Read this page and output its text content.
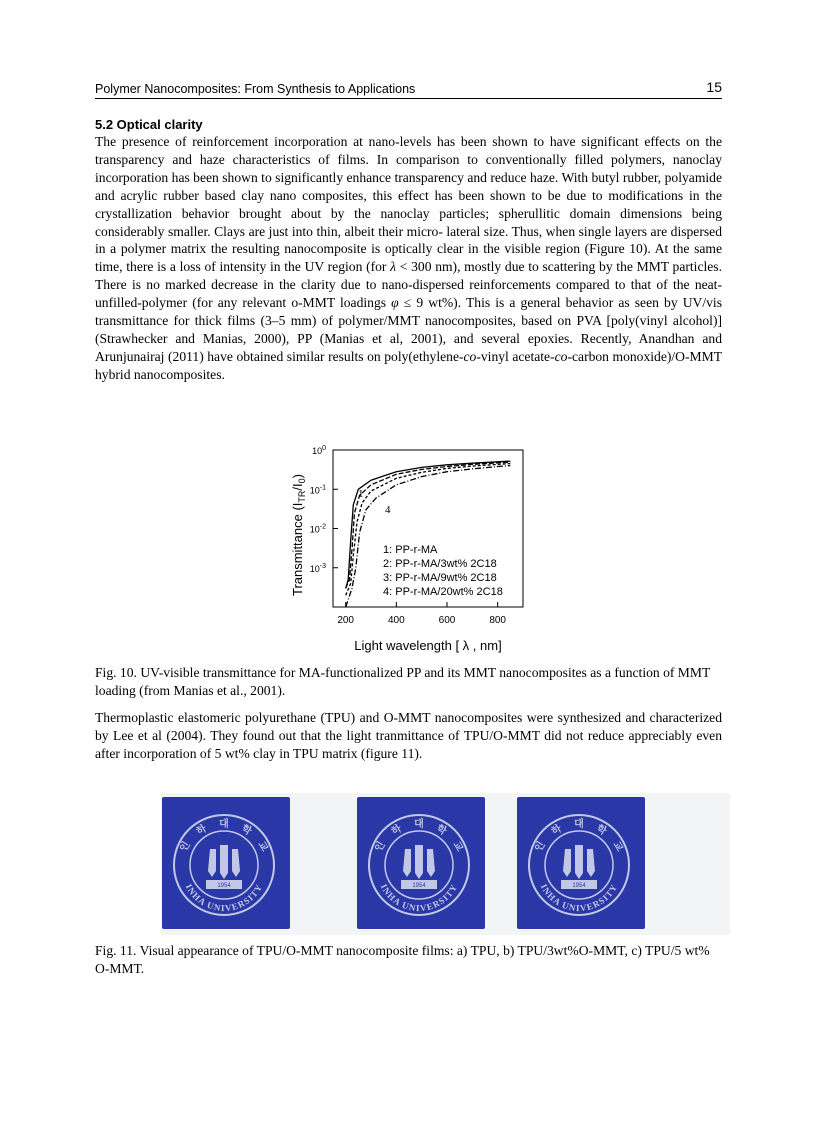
Polymer Nanocomposites: From Synthesis to Applications	15
5.2 Optical clarity

The presence of reinforcement incorporation at nano-levels has been shown to have significant effects on the transparency and haze characteristics of films. In comparison to conventionally filled polymers, nanoclay incorporation has been shown to significantly enhance transparency and reduce haze. With butyl rubber, polyamide and acrylic rubber based clay nano composites, this effect has been shown to be due to modifications in the crystallization behavior brought about by the nanoclay particles; spherullitic domain dimensions being considerably smaller. Clays are just into thin, albeit their micro- lateral size. Thus, when single layers are dispersed in a polymer matrix the resulting nanocomposite is optically clear in the visible region (Figure 10). At the same time, there is a loss of intensity in the UV region (for λ < 300 nm), mostly due to scattering by the MMT particles. There is no marked decrease in the clarity due to nano-dispersed reinforcements compared to that of the neat-unfilled-polymer (for any relevant o-MMT loadings φ ≤ 9 wt%). This is a general behavior as seen by UV/vis transmittance for thick films (3–5 mm) of polymer/MMT nanocomposites, based on PVA [poly(vinyl alcohol)] (Strawhecker and Manias, 2000), PP (Manias et al, 2001), and several epoxies. Recently, Anandhan and Arunjunairaj (2011) have obtained similar results on poly(ethylene-co-vinyl acetate-co-carbon monoxide)/O-MMT hybrid nanocomposites.

$10^0$
$10^{-1}$
$10^{-2}$
$10^{-3}$
200	400	600	800
Transmittance $(I_{TR}/I_0)$
Light wavelength [ λ , nm]
1
4
1: PP-r-MA
2: PP-r-MA/3wt% 2C18
3: PP-r-MA/9wt% 2C18
4: PP-r-MA/20wt% 2C18

Fig. 10. UV-visible transmittance for MA-functionalized PP and its MMT nanocomposites as a function of MMT loading (from Manias et al., 2001).

Thermoplastic elastomeric polyurethane (TPU) and O-MMT nanocomposites were synthesized and characterized by Lee et al (2004). They found out that the light tranmittance of TPU/O-MMT did not reduce appreciably even after incorporation of 5 wt% clay in TPU matrix (figure 11).

인
하 대 학
교
INHA UNIVERSITY
1954
인
하 대 학
교
INHA UNIVERSITY
1954
인
하 대 학
교
INHA UNIVERSITY
1954

Fig. 11. Visual appearance of TPU/O-MMT nanocomposite films: a) TPU, b) TPU/3wt%O-MMT, c) TPU/5 wt% O-MMT.
